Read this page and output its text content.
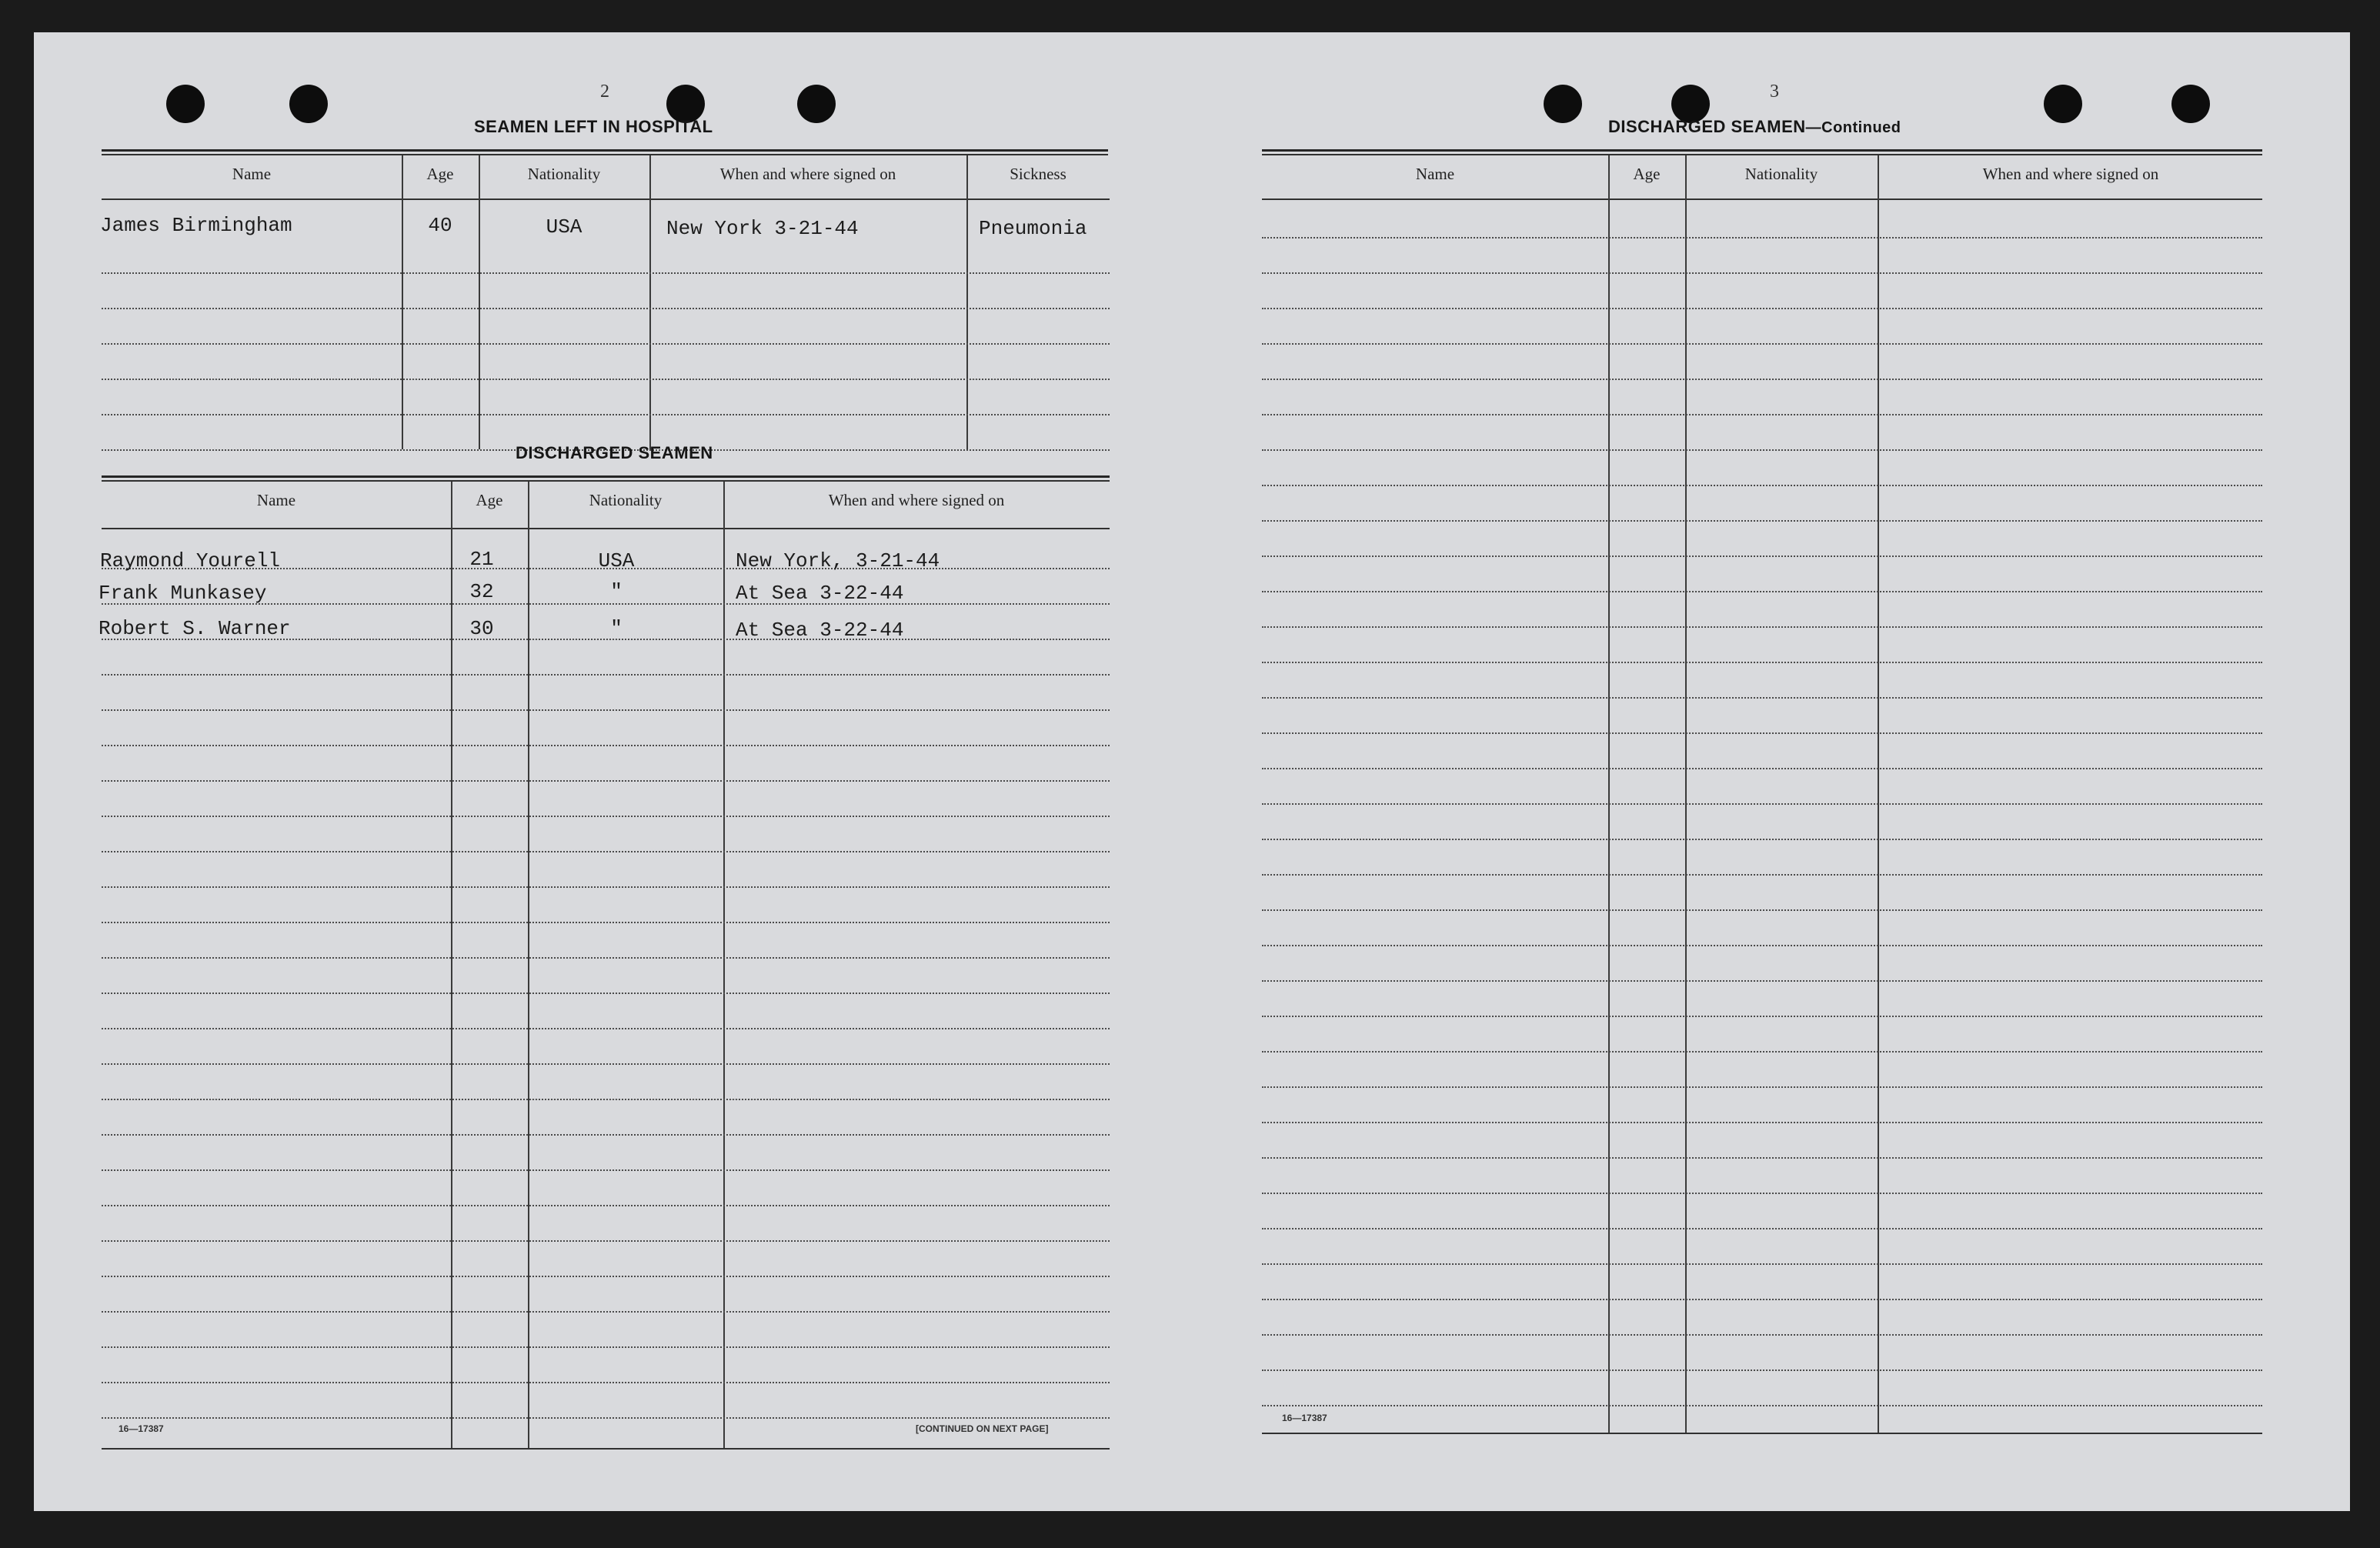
2
SEAMEN LEFT IN HOSPITAL
Name	Age	Nationality	When and where signed on	Sickness
James Birmingham	40	USA	New York 3-21-44	Pneumonia
DISCHARGED SEAMEN
Name	Age	Nationality	When and where signed on
Raymond Yourell	21	USA	New York, 3-21-44
Frank Munkasey	32	"	At Sea 3-22-44
Robert S. Warner	30	"	At Sea 3-22-44
16—17387	[CONTINUED ON NEXT PAGE]
3
DISCHARGED SEAMEN—Continued
Name	Age	Nationality	When and where signed on
16—17387
